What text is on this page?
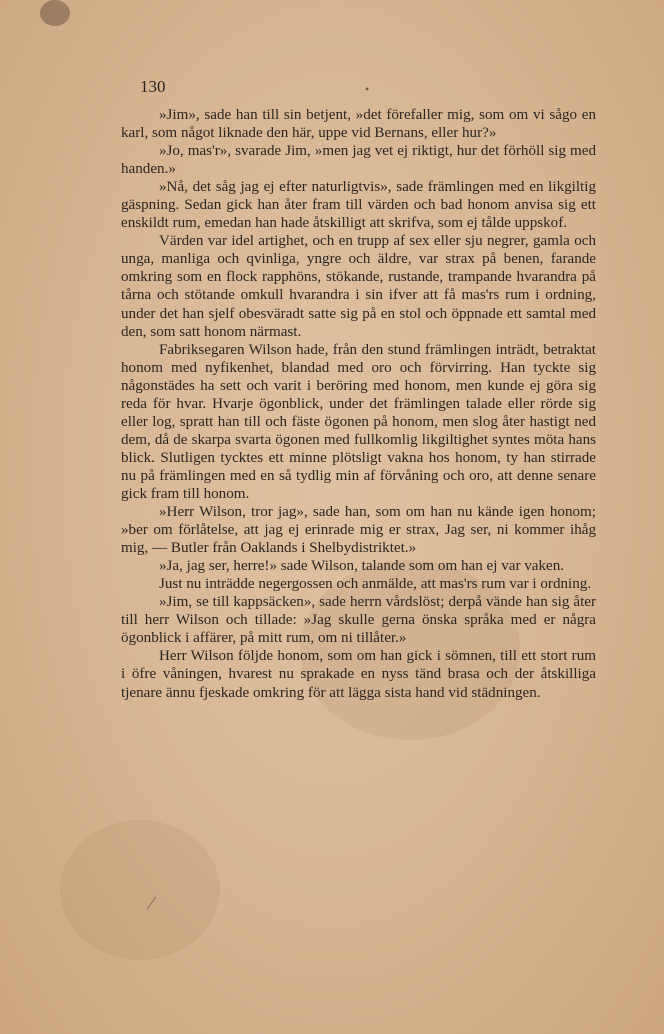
•
⁄
130

»Jim», sade han till sin betjent, »det förefaller mig, som om vi sågo en karl, som något liknade den här, uppe vid Bernans, eller hur?»

»Jo, mas'r», svarade Jim, »men jag vet ej riktigt, hur det förhöll sig med handen.»

»Nå, det såg jag ej efter naturligtvis», sade främlingen med en likgiltig gäspning. Sedan gick han åter fram till värden och bad honom anvisa sig ett enskildt rum, emedan han hade åtskilligt att skrifva, som ej tålde uppskof.

Värden var idel artighet, och en trupp af sex eller sju negrer, gamla och unga, manliga och qvinliga, yngre och äldre, var strax på benen, farande omkring som en flock rapphöns, stökande, rustande, trampande hvarandra på tårna och stötande omkull hvarandra i sin ifver att få mas'rs rum i ordning, under det han sjelf obesväradt satte sig på en stol och öppnade ett samtal med den, som satt honom närmast.

Fabriksegaren Wilson hade, från den stund främlingen inträdt, betraktat honom med nyfikenhet, blandad med oro och förvirring. Han tyckte sig någonstädes ha sett och varit i beröring med honom, men kunde ej göra sig reda för hvar. Hvarje ögonblick, under det främlingen talade eller rörde sig eller log, spratt han till och fäste ögonen på honom, men slog åter hastigt ned dem, då de skarpa svarta ögonen med fullkomlig likgiltighet syntes möta hans blick. Slutligen tycktes ett minne plötsligt vakna hos honom, ty han stirrade nu på främlingen med en så tydlig min af förvåning och oro, att denne senare gick fram till honom.

»Herr Wilson, tror jag», sade han, som om han nu kände igen honom; »ber om förlåtelse, att jag ej erinrade mig er strax, Jag ser, ni kommer ihåg mig, — Butler från Oaklands i Shelbydistriktet.»

»Ja, jag ser, herre!» sade Wilson, talande som om han ej var vaken.

Just nu inträdde negergossen och anmälde, att mas'rs rum var i ordning.

»Jim, se till kappsäcken», sade herrn vårdslöst; derpå vände han sig åter till herr Wilson och tillade: »Jag skulle gerna önska språka med er några ögonblick i affärer, på mitt rum, om ni tillåter.»

Herr Wilson följde honom, som om han gick i sömnen, till ett stort rum i öfre våningen, hvarest nu sprakade en nyss tänd brasa och der åtskilliga tjenare ännu fjeskade omkring för att lägga sista hand vid städningen.
